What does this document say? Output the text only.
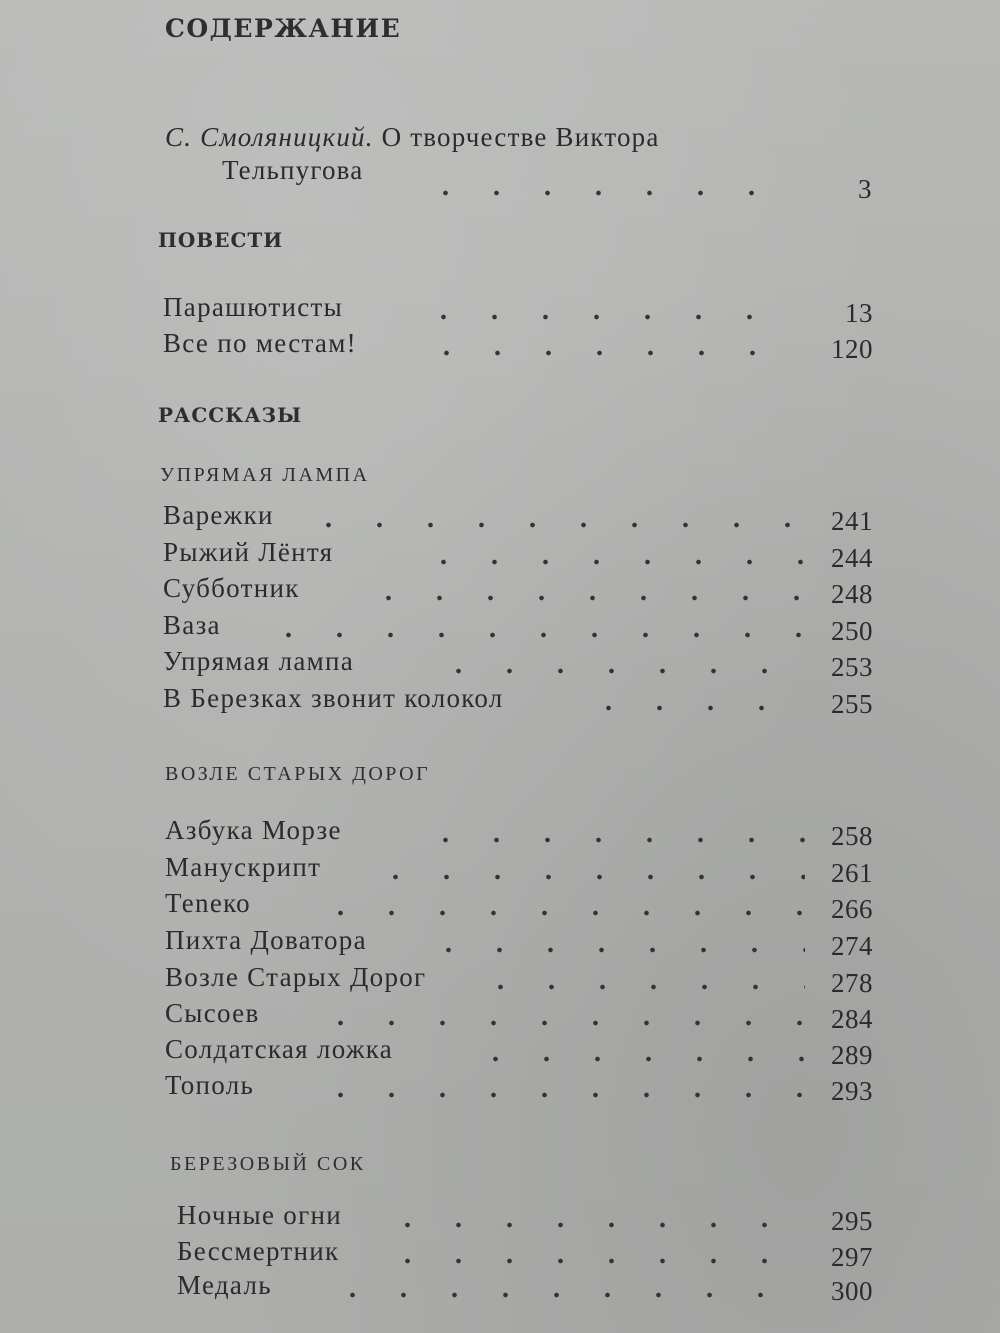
СОДЕРЖАНИЕ
С. Смоляницкий. О творчестве Виктора
Тельпугова
3
ПОВЕСТИ
Парашютисты	13
Все по местам!	120
РАССКАЗЫ
УПРЯМАЯ ЛАМПА
Варежки	241
Рыжий Лёнтя	244
Субботник	248
Ваза	250
Упрямая лампа	253
В Березках звонит колокол	255
ВОЗЛЕ СТАРЫХ ДОРОГ
Азбука Морзе	258
Манускрипт	261
Теneко	266
Пихта Доватора	274
Возле Старых Дорог	278
Сысоев	284
Солдатская ложка	289
Тополь	293
БЕРЕЗОВЫЙ СОК
Ночные огни	295
Бессмертник	297
Медаль	300
